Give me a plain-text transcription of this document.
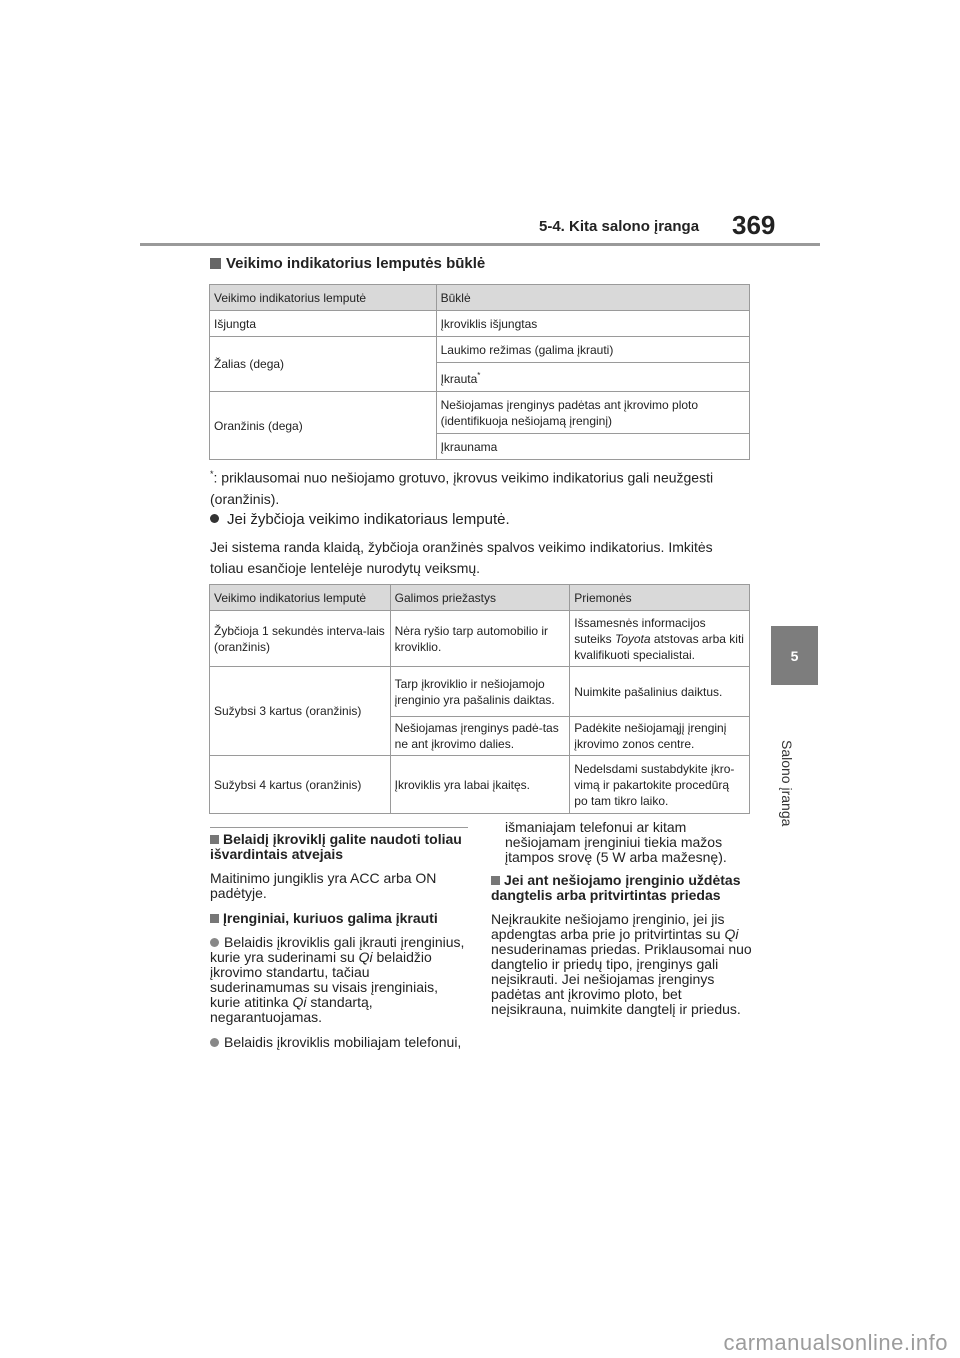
5-4. Kita salono įranga 369
5
Salono įranga
Veikimo indikatorius lemputės būklė
Veikimo indikatorius lemputė	Būklė
Išjungta	Įkroviklis išjungtas
Žalias (dega)	Laukimo režimas (galima įkrauti)
	Įkrauta*
Oranžinis (dega)	Nešiojamas įrenginys padėtas ant įkrovimo ploto (identifikuoja nešiojamą įrenginį)
	Įkraunama
*: priklausomai nuo nešiojamo grotuvo, įkrovus veikimo indikatorius gali neužgesti (oranžinis).
Jei žybčioja veikimo indikatoriaus lemputė.
Jei sistema randa klaidą, žybčioja oranžinės spalvos veikimo indikatorius. Imkitės toliau esančioje lentelėje nurodytų veiksmų.
Veikimo indikatorius lemputė	Galimos priežastys	Priemonės
Žybčioja 1 sekundės interva-lais (oranžinis)	Nėra ryšio tarp automobilio ir kroviklio.	Išsamesnės informacijos suteiks Toyota atstovas arba kiti kvalifikuoti specialistai.
Sužybsi 3 kartus (oranžinis)	Tarp įkroviklio ir nešiojamojo įrenginio yra pašalinis daiktas.	Nuimkite pašalinius daiktus.
	Nešiojamas įrenginys padė-tas ne ant įkrovimo dalies.	Padėkite nešiojamąjį įrenginį įkrovimo zonos centre.
Sužybsi 4 kartus (oranžinis)	Įkroviklis yra labai įkaitęs.	Nedelsdami sustabdykite įkro-vimą ir pakartokite procedūrą po tam tikro laiko.
Belaidį įkroviklį galite naudoti toliau išvardintais atvejais
Maitinimo jungiklis yra ACC arba ON padėtyje.
Įrenginiai, kuriuos galima įkrauti
Belaidis įkroviklis gali įkrauti įrenginius, kurie yra suderinami su Qi belaidžio įkrovimo standartu, tačiau suderinamumas su visais įrenginiais, kurie atitinka Qi standartą, negarantuojamas.
Belaidis įkroviklis mobiliajam telefonui,
išmaniajam telefonui ar kitam nešiojamam įrenginiui tiekia mažos įtampos srovę (5 W arba mažesnę).
Jei ant nešiojamo įrenginio uždėtas dangtelis arba pritvirtintas priedas
Neįkraukite nešiojamo įrenginio, jei jis apdengtas arba prie jo pritvirtintas su Qi nesuderinamas priedas. Priklausomai nuo dangtelio ir priedų tipo, įrenginys gali neįsikrauti. Jei nešiojamas įrenginys padėtas ant įkrovimo ploto, bet neįsikrauna, nuimkite dangtelį ir priedus.
carmanualsonline.info
